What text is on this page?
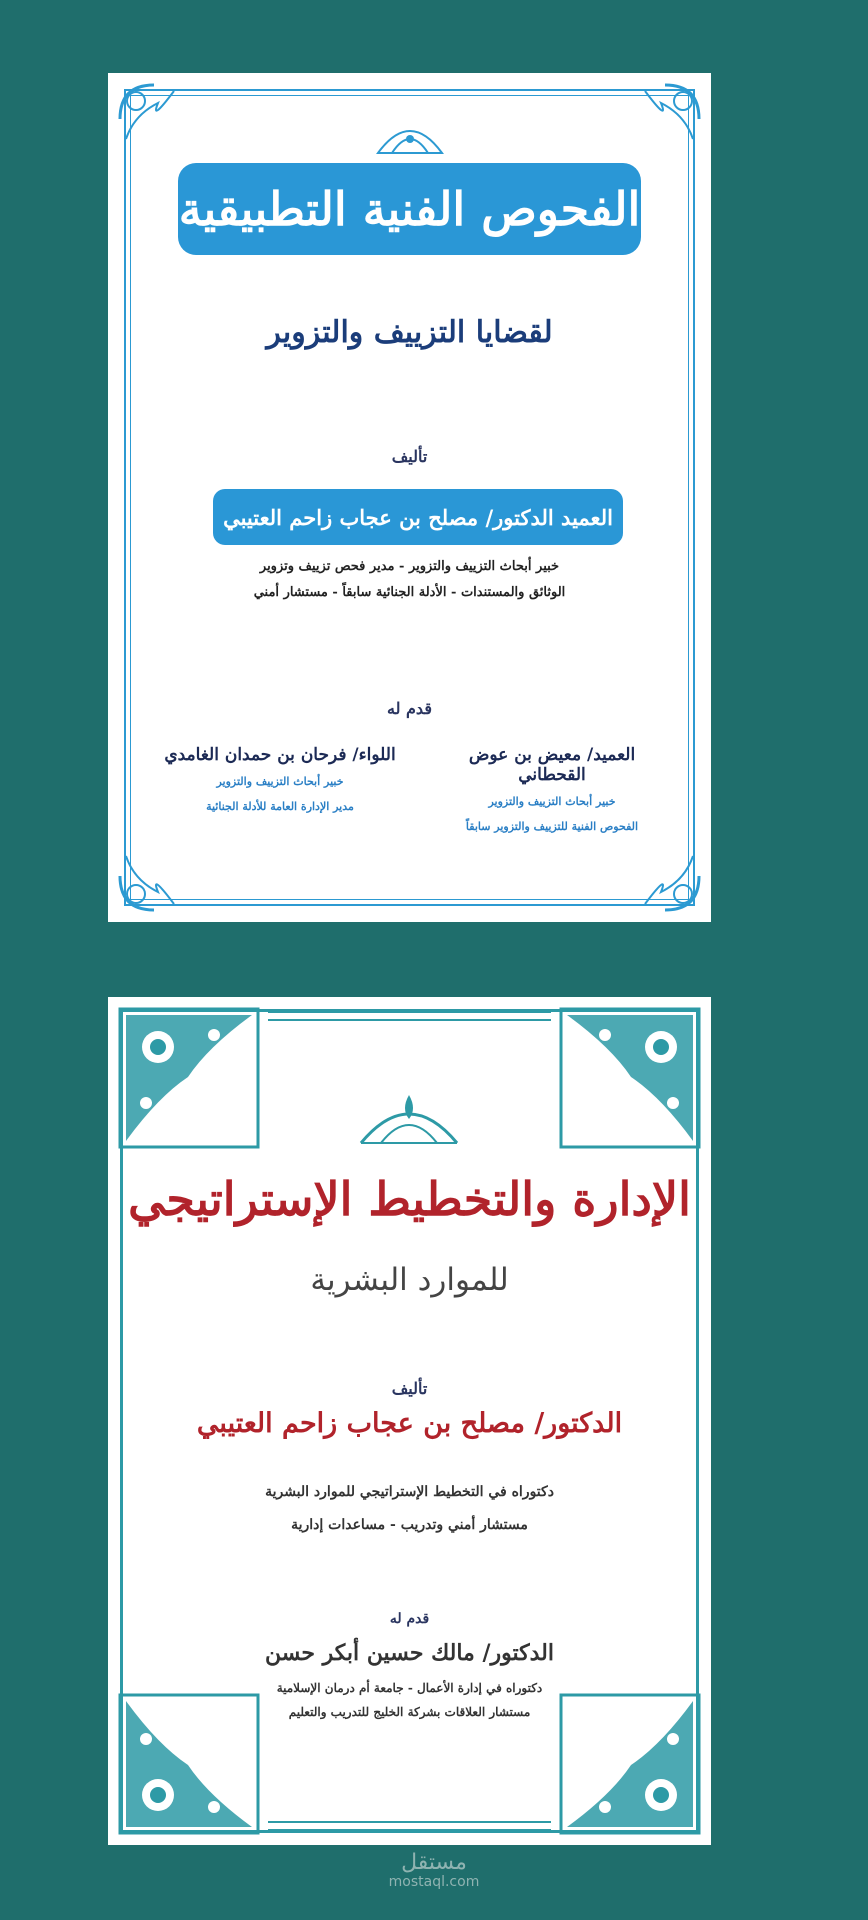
الفحوص الفنية التطبيقية
لقضايا التزييف والتزوير
تأليف
العميد الدكتور/ مصلح بن عجاب زاحم العتيبي
خبير أبحاث التزييف والتزوير - مدير فحص تزييف وتزوير
الوثائق والمستندات - الأدلة الجنائية سابقاً - مستشار أمني
قدم له
العميد/ معيض بن عوض القحطاني
خبير أبحاث التزييف والتزوير
الفحوص الفنية للتزييف والتزوير سابقاً
اللواء/ فرحان بن حمدان الغامدي
خبير أبحاث التزييف والتزوير
مدير الإدارة العامة للأدلة الجنائية
الإدارة والتخطيط الإستراتيجي
للموارد البشرية
تأليف
الدكتور/ مصلح بن عجاب زاحم العتيبي
دكتوراه في التخطيط الإستراتيجي للموارد البشرية
مستشار أمني وتدريب - مساعدات إدارية
قدم له
الدكتور/ مالك حسين أبكر حسن
دكتوراه في إدارة الأعمال - جامعة أم درمان الإسلامية
مستشار العلاقات بشركة الخليج للتدريب والتعليم
مستقل
mostaql.com
